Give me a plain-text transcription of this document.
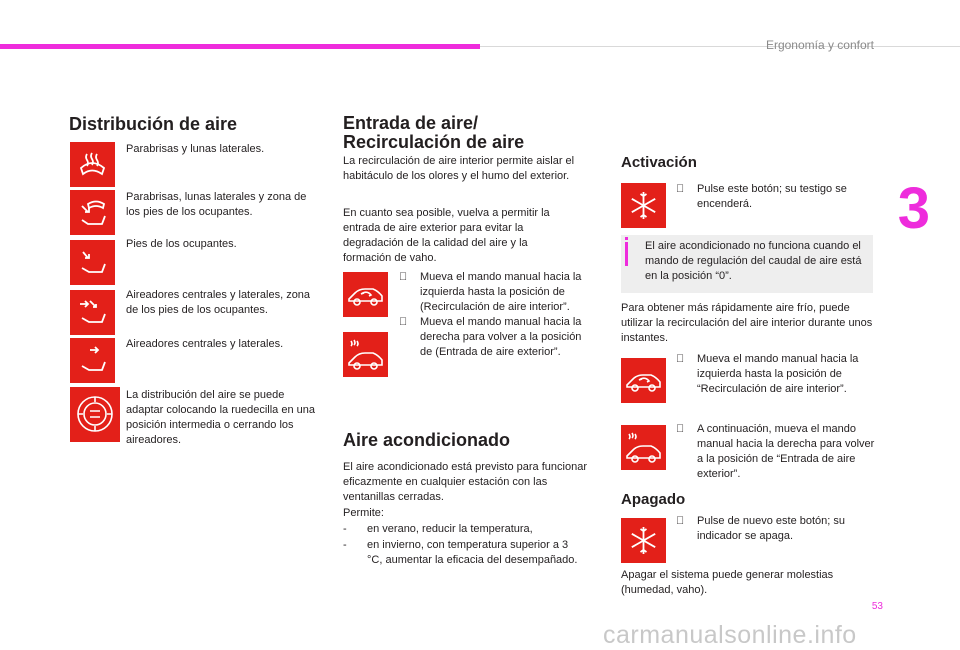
Ergonomía y confort
3
Distribución de aire
Parabrisas y lunas laterales.
Parabrisas, lunas laterales y zona de los pies de los ocupantes.
Pies de los ocupantes.
Aireadores centrales y laterales, zona de los pies de los ocupantes.
Aireadores centrales y laterales.
La distribución del aire se puede adaptar colocando la ruedecilla en una posición intermedia o cerrando los aireadores.
Entrada de aire/
Recirculación de aire
La recirculación de aire interior permite aislar el habitáculo de los olores y el humo del exterior.
En cuanto sea posible, vuelva a permitir la entrada de aire exterior para evitar la degradación de la calidad del aire y la formación de vaho.
Mueva el mando manual hacia la izquierda hasta la posición de (Recirculación de aire interior”.
Mueva el mando manual hacia la derecha para volver a la posición de (Entrada de aire exterior”.
Aire acondicionado
El aire acondicionado está previsto para funcionar eficazmente en cualquier estación con las ventanillas cerradas.
Permite:
- en verano, reducir la temperatura,
- en invierno, con temperatura superior a 3 °C, aumentar la eficacia del desempañado.
Activación
Pulse este botón; su testigo se encenderá.
El aire acondicionado no funciona cuando el mando de regulación del caudal de aire está en la posición “0”.
Para obtener más rápidamente aire frío, puede utilizar la recirculación del aire interior durante unos instantes.
Mueva el mando manual hacia la izquierda hasta la posición de “Recirculación de aire interior”.
A continuación, mueva el mando manual hacia la derecha para volver a la posición de “Entrada de aire exterior”.
Apagado
Pulse de nuevo este botón; su indicador se apaga.
Apagar el sistema puede generar molestias (humedad, vaho).
53
carmanualsonline.info
